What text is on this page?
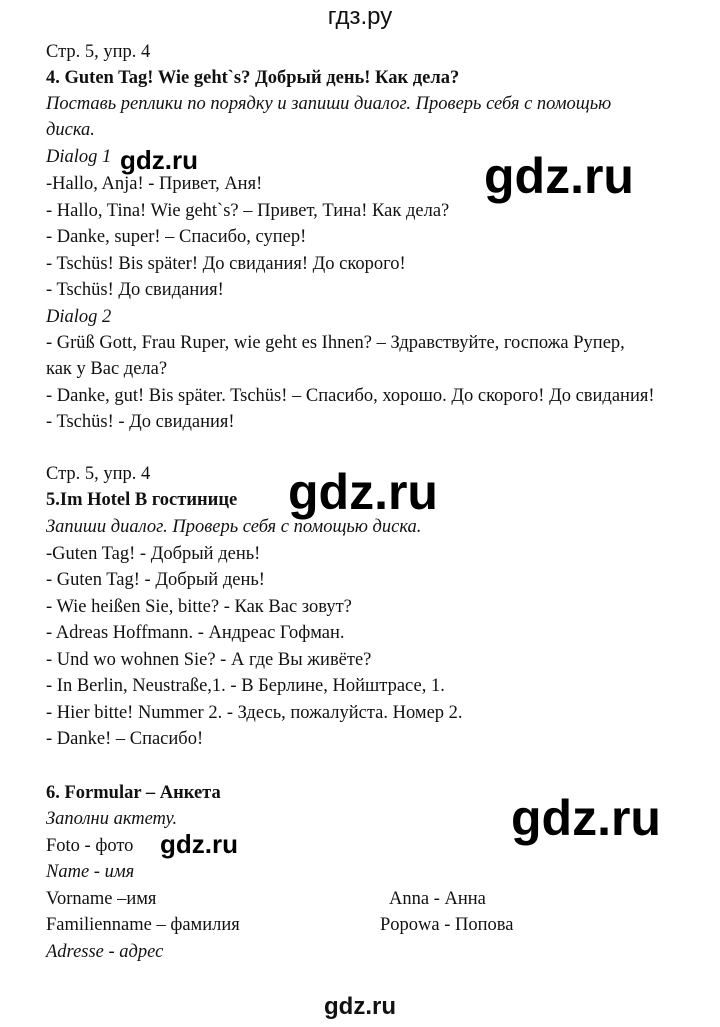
гдз.ру
Стр. 5, упр. 4
4. Guten Tag! Wie geht`s? Добрый день! Как дела?
Поставь реплики по порядку и запиши диалог. Проверь себя с помощью
диска.
Dialog 1
-Hallo, Anja! - Привет, Аня!
- Hallo, Tina! Wie geht`s? – Привет, Тина! Как дела?
- Danke, super! – Спасибо, супер!
- Tschüs! Bis später! До свидания! До скорого!
- Tschüs! До свидания!
Dialog 2
- Grüß Gott, Frau Ruper, wie geht es Ihnen? – Здравствуйте, госпожа Рупер,
как у Вас дела?
- Danke, gut! Bis später. Tschüs! – Спасибо, хорошо. До скорого! До свидания!
- Tschüs! - До свидания!
Стр. 5, упр. 4
5.Im Hotel В гостинице
Запиши диалог. Проверь себя с помощью диска.
-Guten Tag! - Добрый день!
- Guten Tag! - Добрый день!
- Wie heißen Sie, bitte? - Как Вас зовут?
- Adreas Hoffmann. - Андреас Гофман.
- Und wo wohnen Sie? - А где Вы живёте?
- In Berlin, Neustraße,1. - В Берлине, Нойштрасе, 1.
- Hier bitte! Nummer 2. - Здесь, пожалуйста. Номер 2.
- Danke! – Спасибо!
6. Formular – Анкета
Заполни актету.
Foto - фото
Name - имя
Vorname –имя	Anna - Анна
Familienname – фамилия	Popowa - Попова
Adresse - адрес
gdz.ru	gdz.ru
gdz.ru
gdz.ru
gdz.ru
gdz.ru
